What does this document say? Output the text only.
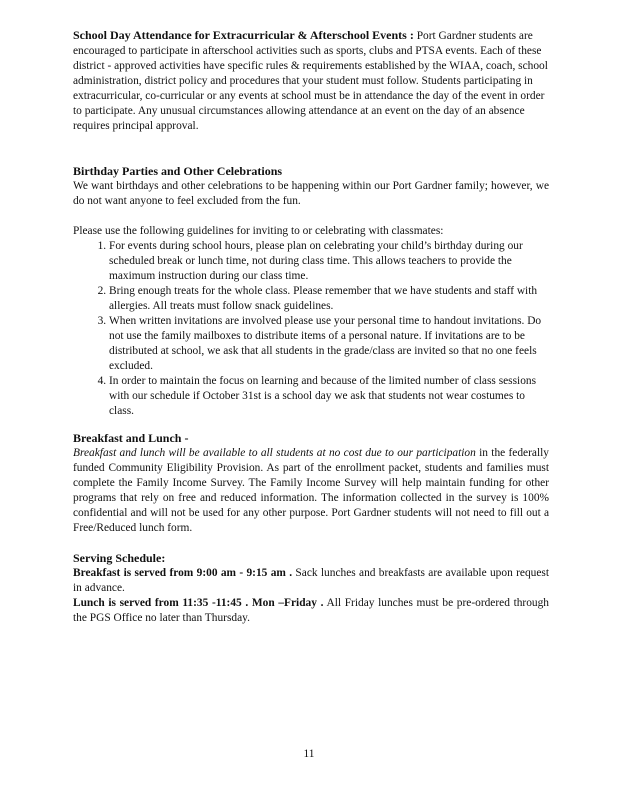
School Day Attendance for Extracurricular & Afterschool Events : Port Gardner students are encouraged to participate in afterschool activities such as sports, clubs and PTSA events. Each of these district - approved activities have specific rules & requirements established by the WIAA, coach, school administration, district policy and procedures that your student must follow. Students participating in extracurricular, co-curricular or any events at school must be in attendance the day of the event in order to participate. Any unusual circumstances allowing attendance at an event on the day of an absence requires principal approval.

Birthday Parties and Other Celebrations

We want birthdays and other celebrations to be happening within our Port Gardner family; however, we do not want anyone to feel excluded from the fun.

Please use the following guidelines for inviting to or celebrating with classmates:

1. For events during school hours, please plan on celebrating your child’s birthday during our scheduled break or lunch time, not during class time. This allows teachers to provide the maximum instruction during our class time.
2. Bring enough treats for the whole class. Please remember that we have students and staff with allergies. All treats must follow snack guidelines.
3. When written invitations are involved please use your personal time to handout invitations. Do not use the family mailboxes to distribute items of a personal nature. If invitations are to be distributed at school, we ask that all students in the grade/class are invited so that no one feels excluded.
4. In order to maintain the focus on learning and because of the limited number of class sessions with our schedule if October 31st is a school day we ask that students not wear costumes to class.
Breakfast and Lunch -

Breakfast and lunch will be available to all students at no cost due to our participation in the federally funded Community Eligibility Provision. As part of the enrollment packet, students and families must complete the Family Income Survey. The Family Income Survey will help maintain funding for other programs that rely on free and reduced information. The information collected in the survey is 100% confidential and will not be used for any other purpose. Port Gardner students will not need to fill out a Free/Reduced lunch form.

Serving Schedule:

Breakfast is served from 9:00 am - 9:15 am . Sack lunches and breakfasts are available upon request in advance.

Lunch is served from 11:35 -11:45 . Mon –Friday . All Friday lunches must be pre-ordered through the PGS Office no later than Thursday.

11
